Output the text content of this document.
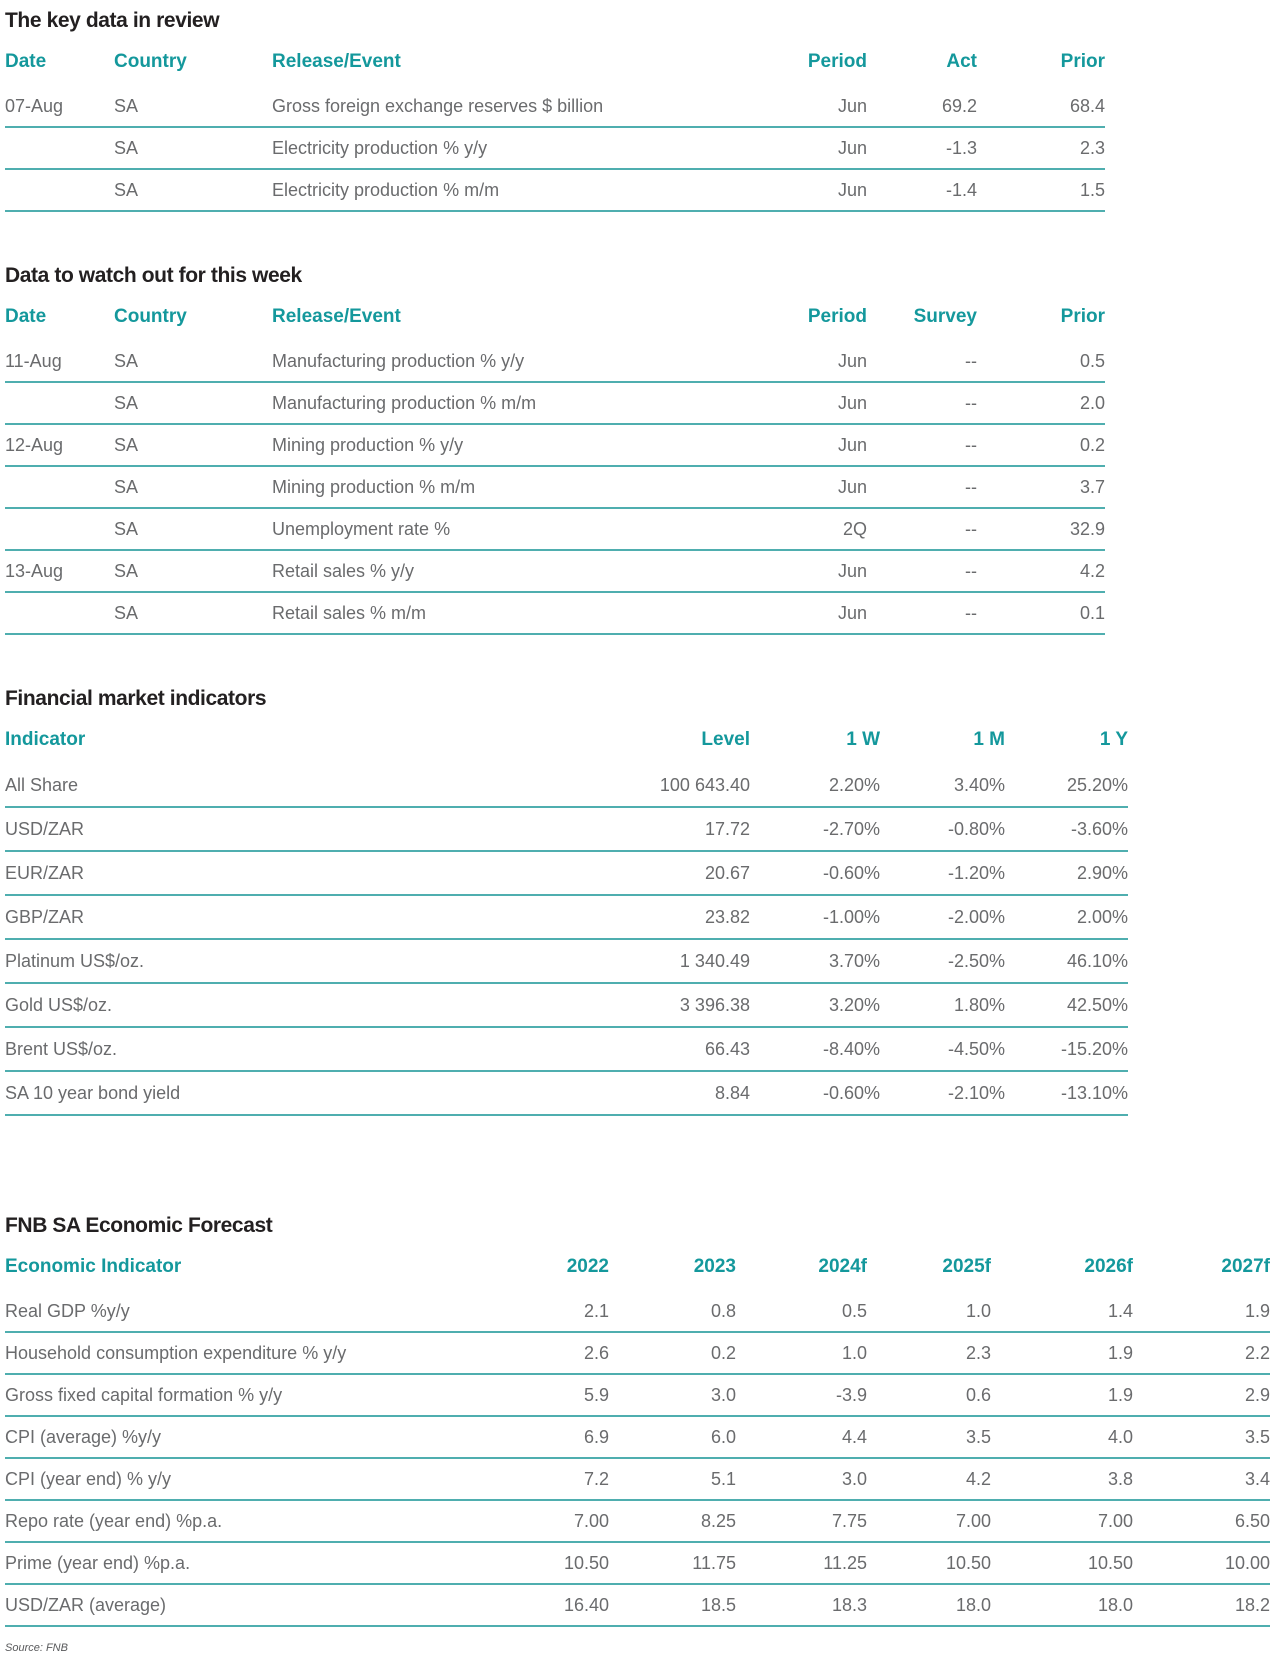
The key data in review
Date	Country	Release/Event	Period	Act	Prior
07-Aug	SA	Gross foreign exchange reserves $ billion	Jun	69.2	68.4
	SA	Electricity production % y/y	Jun	-1.3	2.3
	SA	Electricity production % m/m	Jun	-1.4	1.5
Data to watch out for this week
Date	Country	Release/Event	Period	Survey	Prior
11-Aug	SA	Manufacturing production % y/y	Jun	--	0.5
	SA	Manufacturing production % m/m	Jun	--	2.0
12-Aug	SA	Mining production % y/y	Jun	--	0.2
	SA	Mining production % m/m	Jun	--	3.7
	SA	Unemployment rate %	2Q	--	32.9
13-Aug	SA	Retail sales % y/y	Jun	--	4.2
	SA	Retail sales % m/m	Jun	--	0.1
Financial market indicators
Indicator	Level	1 W	1 M	1 Y
All Share	100 643.40	2.20%	3.40%	25.20%
USD/ZAR	17.72	-2.70%	-0.80%	-3.60%
EUR/ZAR	20.67	-0.60%	-1.20%	2.90%
GBP/ZAR	23.82	-1.00%	-2.00%	2.00%
Platinum US$/oz.	1 340.49	3.70%	-2.50%	46.10%
Gold US$/oz.	3 396.38	3.20%	1.80%	42.50%
Brent US$/oz.	66.43	-8.40%	-4.50%	-15.20%
SA 10 year bond yield	8.84	-0.60%	-2.10%	-13.10%
FNB SA Economic Forecast
Economic Indicator	2022	2023	2024f	2025f	2026f	2027f
Real GDP %y/y	2.1	0.8	0.5	1.0	1.4	1.9
Household consumption expenditure % y/y	2.6	0.2	1.0	2.3	1.9	2.2
Gross fixed capital formation % y/y	5.9	3.0	-3.9	0.6	1.9	2.9
CPI (average) %y/y	6.9	6.0	4.4	3.5	4.0	3.5
CPI (year end) % y/y	7.2	5.1	3.0	4.2	3.8	3.4
Repo rate (year end) %p.a.	7.00	8.25	7.75	7.00	7.00	6.50
Prime (year end) %p.a.	10.50	11.75	11.25	10.50	10.50	10.00
USD/ZAR (average)	16.40	18.5	18.3	18.0	18.0	18.2

Source: FNB
